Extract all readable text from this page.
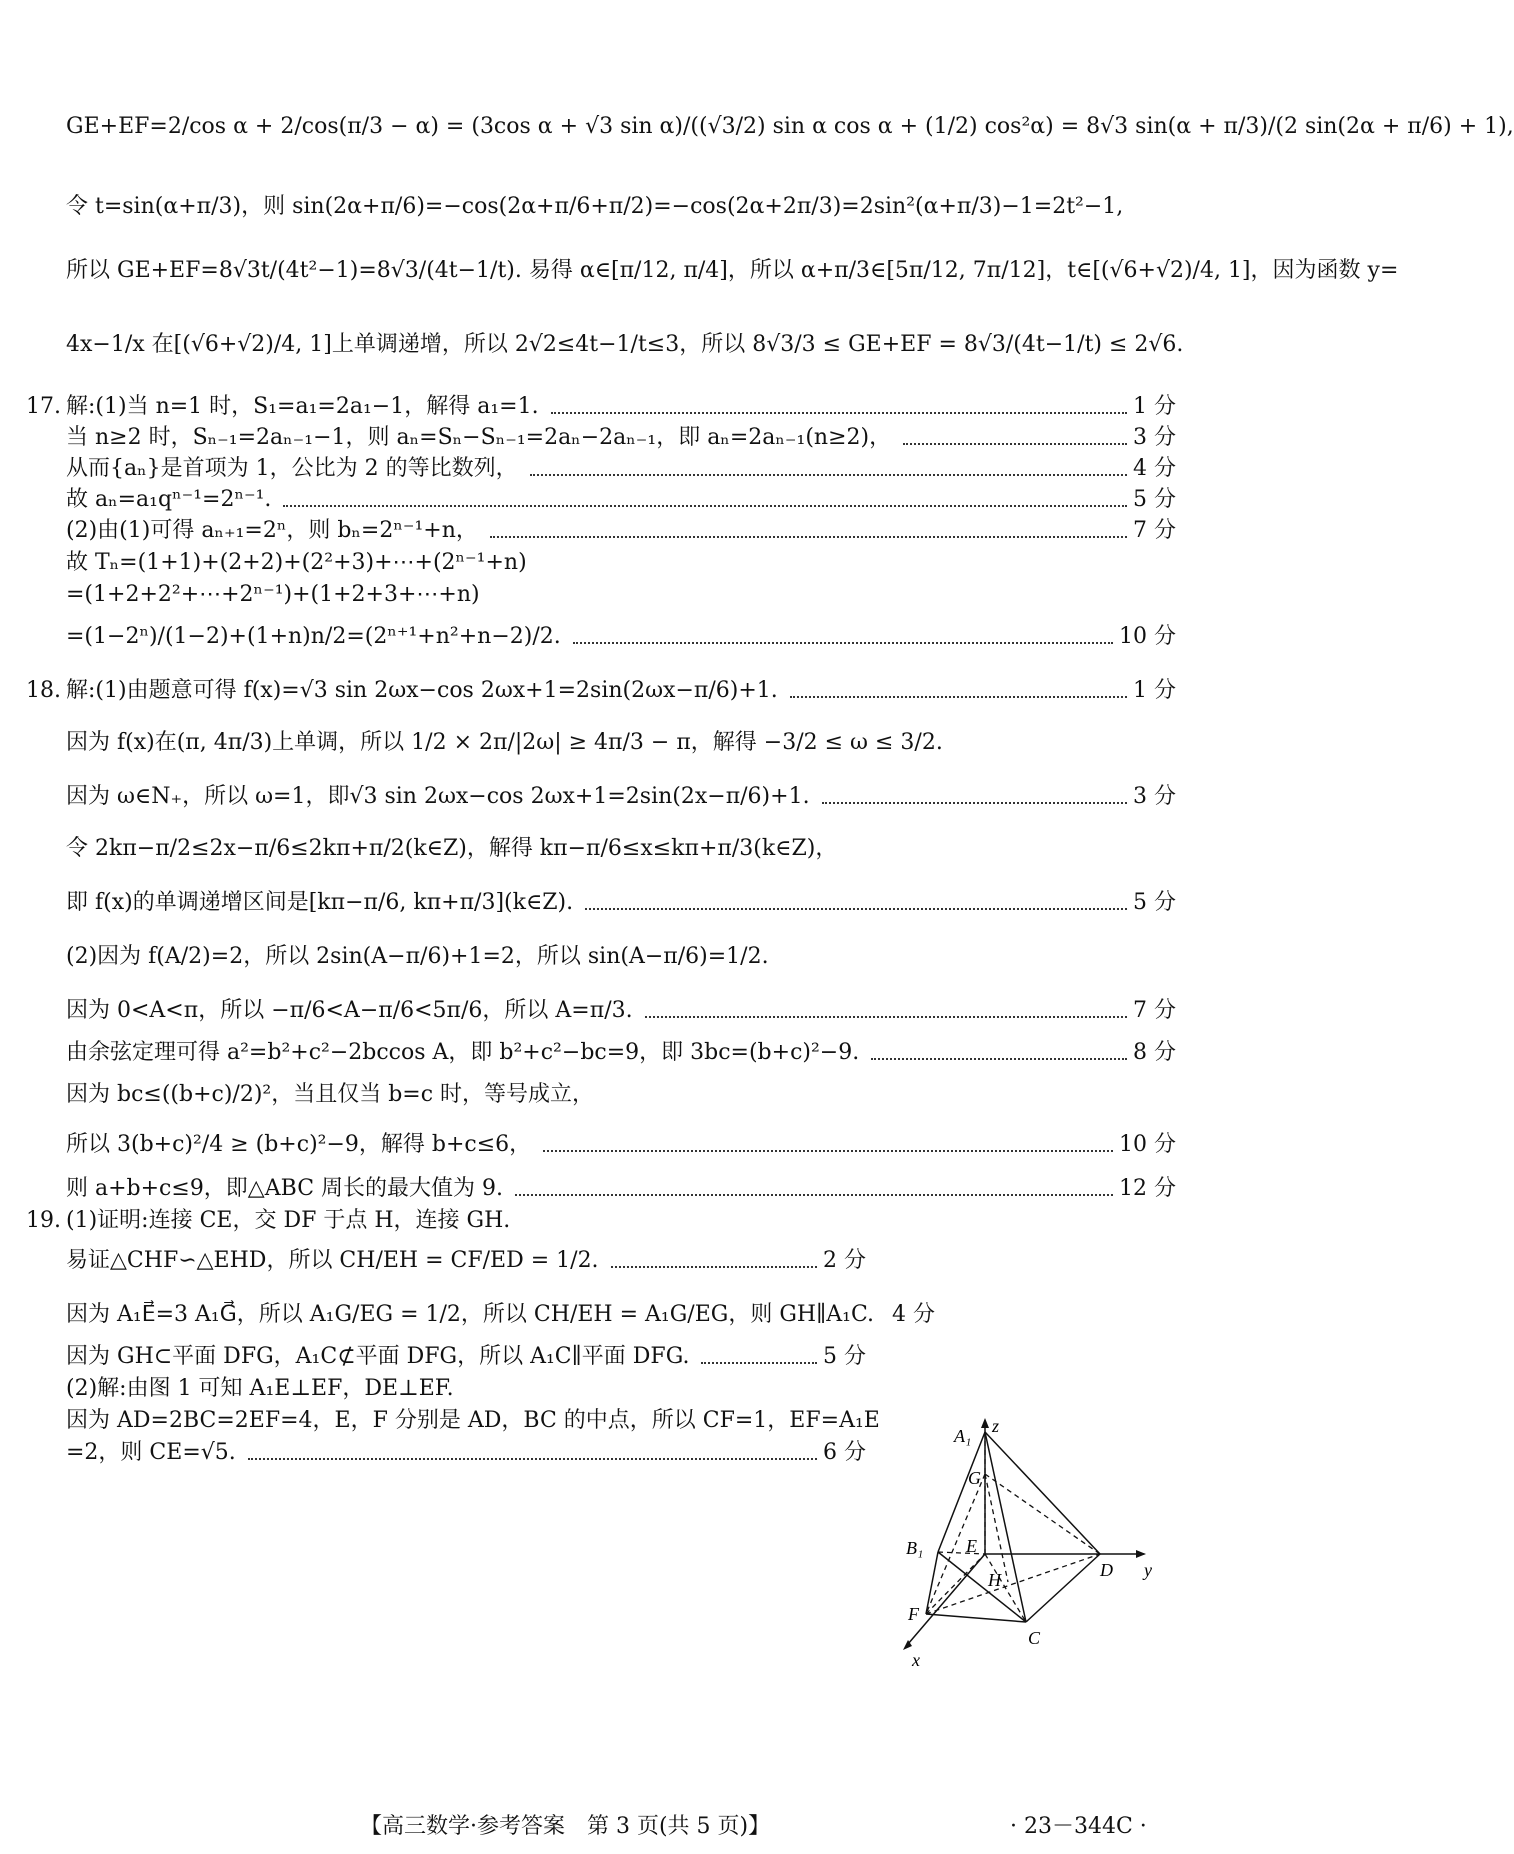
GE+EF=2/cos α + 2/cos(π/3 − α) = (3cos α + √3 sin α)/((√3/2) sin α cos α + (1/2) cos²α) = 8√3 sin(α + π/3)/(2 sin(2α + π/6) + 1),
令 t=sin(α+π/3)，则 sin(2α+π/6)=−cos(2α+π/6+π/2)=−cos(2α+2π/3)=2sin²(α+π/3)−1=2t²−1,
所以 GE+EF=8√3t/(4t²−1)=8√3/(4t−1/t). 易得 α∈[π/12, π/4]，所以 α+π/3∈[5π/12, 7π/12]，t∈[(√6+√2)/4, 1]，因为函数 y=
4x−1/x 在[(√6+√2)/4, 1]上单调递增，所以 2√2≤4t−1/t≤3，所以 8√3/3 ≤ GE+EF = 8√3/(4t−1/t) ≤ 2√6.
17. 解:(1)当 n=1 时，S₁=a₁=2a₁−1，解得 a₁=1.	1 分
当 n≥2 时，Sₙ₋₁=2aₙ₋₁−1，则 aₙ=Sₙ−Sₙ₋₁=2aₙ−2aₙ₋₁，即 aₙ=2aₙ₋₁(n≥2)，	3 分
从而{aₙ}是首项为 1，公比为 2 的等比数列，	4 分
故 aₙ=a₁qⁿ⁻¹=2ⁿ⁻¹.	5 分
(2)由(1)可得 aₙ₊₁=2ⁿ，则 bₙ=2ⁿ⁻¹+n，	7 分
故 Tₙ=(1+1)+(2+2)+(2²+3)+⋯+(2ⁿ⁻¹+n)
=(1+2+2²+⋯+2ⁿ⁻¹)+(1+2+3+⋯+n)
=(1−2ⁿ)/(1−2)+(1+n)n/2=(2ⁿ⁺¹+n²+n−2)/2.	10 分
18. 解:(1)由题意可得 f(x)=√3 sin 2ωx−cos 2ωx+1=2sin(2ωx−π/6)+1.	1 分
因为 f(x)在(π, 4π/3)上单调，所以 1/2 × 2π/|2ω| ≥ 4π/3 − π，解得 −3/2 ≤ ω ≤ 3/2.
因为 ω∈N₊，所以 ω=1，即√3 sin 2ωx−cos 2ωx+1=2sin(2x−π/6)+1.	3 分
令 2kπ−π/2≤2x−π/6≤2kπ+π/2(k∈Z)，解得 kπ−π/6≤x≤kπ+π/3(k∈Z)，
即 f(x)的单调递增区间是[kπ−π/6, kπ+π/3](k∈Z).	5 分
(2)因为 f(A/2)=2，所以 2sin(A−π/6)+1=2，所以 sin(A−π/6)=1/2.
因为 0<A<π，所以 −π/6<A−π/6<5π/6，所以 A=π/3.	7 分
由余弦定理可得 a²=b²+c²−2bccos A，即 b²+c²−bc=9，即 3bc=(b+c)²−9.	8 分
因为 bc≤((b+c)/2)²，当且仅当 b=c 时，等号成立，
所以 3(b+c)²/4 ≥ (b+c)²−9，解得 b+c≤6，	10 分
则 a+b+c≤9，即△ABC 周长的最大值为 9.	12 分
19. (1)证明:连接 CE，交 DF 于点 H，连接 GH.
易证△CHF∽△EHD，所以 CH/EH = CF/ED = 1/2.	2 分
因为 A₁E⃗=3 A₁G⃗，所以 A₁G/EG = 1/2，所以 CH/EH = A₁G/EG，则 GH∥A₁C. 4 分
因为 GH⊂平面 DFG，A₁C⊄平面 DFG，所以 A₁C∥平面 DFG.	5 分
(2)解:由图 1 可知 A₁E⊥EF，DE⊥EF.
因为 AD=2BC=2EF=4，E，F 分别是 AD，BC 的中点，所以 CF=1，EF=A₁E
=2，则 CE=√5.	6 分
z
y
x
A₁
B₁
G
E
H
F
C
D
【高三数学·参考答案　第 3 页(共 5 页)】	· 23－344C ·
